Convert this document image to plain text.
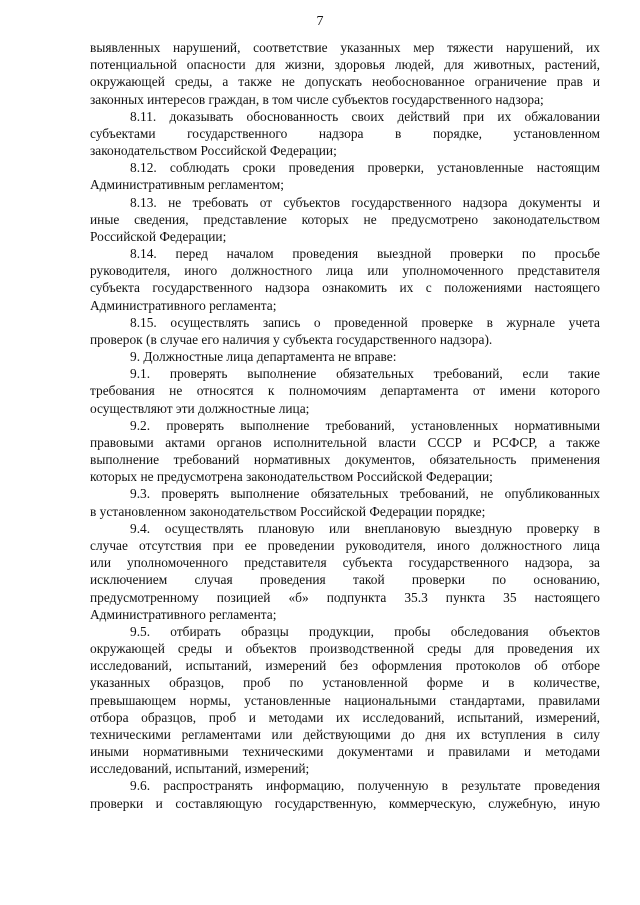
7
выявленных нарушений, соответствие указанных мер тяжести нарушений, их
потенциальной опасности для жизни, здоровья людей, для животных, растений,
окружающей среды, а также не допускать необоснованное ограничение прав и
законных интересов граждан, в том числе субъектов государственного надзора;
8.11. доказывать обоснованность своих действий при их обжаловании
субъектами государственного надзора в порядке, установленном
законодательством Российской Федерации;
8.12. соблюдать сроки проведения проверки, установленные настоящим
Административным регламентом;
8.13. не требовать от субъектов государственного надзора документы и
иные сведения, представление которых не предусмотрено законодательством
Российской Федерации;
8.14. перед началом проведения выездной проверки по просьбе
руководителя, иного должностного лица или уполномоченного представителя
субъекта государственного надзора ознакомить их с положениями настоящего
Административного регламента;
8.15. осуществлять запись о проведенной проверке в журнале учета
проверок (в случае его наличия у субъекта государственного надзора).
9. Должностные лица департамента не вправе:
9.1. проверять выполнение обязательных требований, если такие
требования не относятся к полномочиям департамента от имени которого
осуществляют эти должностные лица;
9.2. проверять выполнение требований, установленных нормативными
правовыми актами органов исполнительной власти СССР и РСФСР, а также
выполнение требований нормативных документов, обязательность применения
которых не предусмотрена законодательством Российской Федерации;
9.3. проверять выполнение обязательных требований, не опубликованных
в установленном законодательством Российской Федерации порядке;
9.4. осуществлять плановую или внеплановую выездную проверку в
случае отсутствия при ее проведении руководителя, иного должностного лица
или уполномоченного представителя субъекта государственного надзора, за
исключением случая проведения такой проверки по основанию,
предусмотренному позицией «б» подпункта 35.3 пункта 35 настоящего
Административного регламента;
9.5. отбирать образцы продукции, пробы обследования объектов
окружающей среды и объектов производственной среды для проведения их
исследований, испытаний, измерений без оформления протоколов об отборе
указанных образцов, проб по установленной форме и в количестве,
превышающем нормы, установленные национальными стандартами, правилами
отбора образцов, проб и методами их исследований, испытаний, измерений,
техническими регламентами или действующими до дня их вступления в силу
иными нормативными техническими документами и правилами и методами
исследований, испытаний, измерений;
9.6. распространять информацию, полученную в результате проведения
проверки и составляющую государственную, коммерческую, служебную, иную
